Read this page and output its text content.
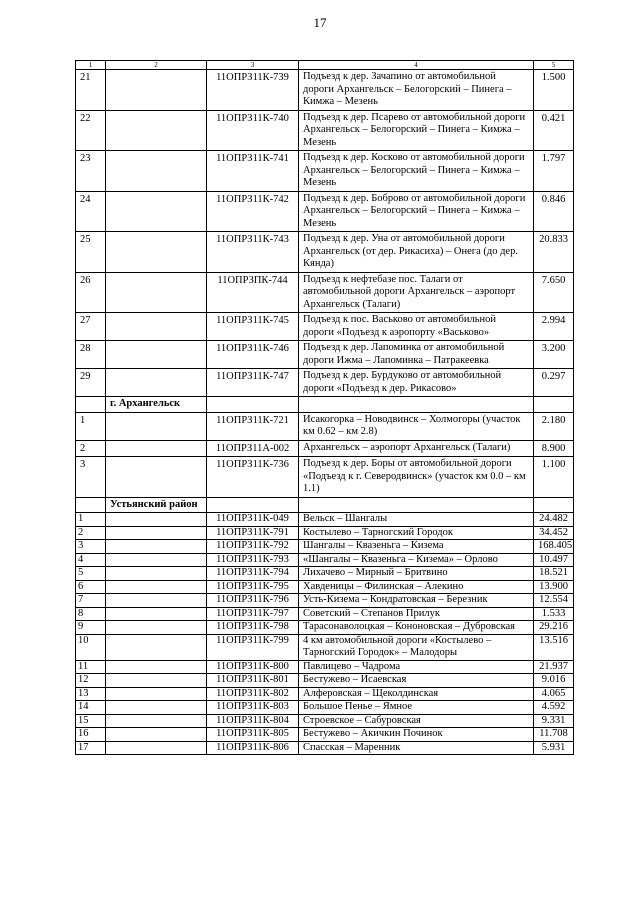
17
1	2	3	4	5
21		11ОПРЗ11К-739	Подъезд к дер. Зачапино от автомобильной дороги Архангельск – Белогорский – Пинега – Кимжа – Мезень	1.500
22		11ОПРЗ11К-740	Подъезд к дер. Псарево от автомобильной дороги Архангельск – Белогорский – Пинега – Кимжа – Мезень	0.421
23		11ОПРЗ11К-741	Подъезд к дер. Косково от автомобильной дороги Архангельск – Белогорский – Пинега – Кимжа – Мезень	1.797
24		11ОПРЗ11К-742	Подъезд к дер. Боброво от автомобильной дороги Архангельск – Белогорский – Пинега – Кимжа – Мезень	0.846
25		11ОПРЗ11К-743	Подъезд к дер. Уна от автомобильной дороги Архангельск (от дер. Рикасиха) – Онега (до дер. Кянда)	20.833
26		11ОПРЗПК-744	Подъезд к нефтебазе пос. Талаги от автомобильной дороги Архангельск – аэропорт Архангельск (Талаги)	7.650
27		11ОПРЗ11К-745	Подъезд к пос. Васьково от автомобильной дороги «Подъезд к аэропорту «Васьково»	2.994
28		11ОПРЗ11К-746	Подъезд к дер. Лапоминка от автомобильной дороги Ижма – Лапоминка – Патракеевка	3.200
29		11ОПРЗ11К-747	Подъезд к дер. Бурдуково от автомобильной дороги «Подъезд к дер. Рикасово»	0.297
	г. Архангельск			
1		11ОПРЗ11К-721	Исакогорка – Новодвинск – Холмогоры (участок км 0.62 – км 2.8)	2.180
2		11ОПРЗ11А-002	Архангельск – аэропорт Архангельск (Талаги)	8.900
3		11ОПРЗ11К-736	Подъезд к дер. Боры от автомобильной дороги «Подъезд к г. Северодвинск» (участок км 0.0 – км 1.1)	1.100
	Устьянский район			
1		11ОПРЗ11К-049	Вельск – Шангалы	24.482
2		11ОПРЗ11К-791	Костылево – Тарногский Городок	34.452
3		11ОПРЗ11К-792	Шангалы – Квазеньга – Кизема	168.405
4		11ОПРЗ11К-793	«Шангалы – Квазеньга – Кизема» – Орлово	10.497
5		11ОПРЗ11К-794	Лихачево – Мирный – Бритвино	18.521
6		11ОПРЗ11К-795	Хавденицы – Филинская – Алекино	13.900
7		11ОПРЗ11К-796	Усть-Кизема – Кондратовская – Березник	12.554
8		11ОПРЗ11К-797	Советский – Степанов Прилук	1.533
9		11ОПРЗ11К-798	Тарасонаволоцкая – Кононовская – Дубровская	29.216
10		11ОПРЗ11К-799	4 км автомобильной дороги «Костылево – Тарногский Городок» – Малодоры	13.516
11		11ОПРЗ11К-800	Павлицево – Чадрома	21.937
12		11ОПРЗ11К-801	Бестужево – Исаевская	9.016
13		11ОПРЗ11К-802	Алферовская – Щеколдинская	4.065
14		11ОПРЗ11К-803	Большое Пенье – Ямное	4.592
15		11ОПРЗ11К-804	Строевское – Сабуровская	9.331
16		11ОПРЗ11К-805	Бестужево – Акичкин Починок	11.708
17		11ОПРЗ11К-806	Спасская – Маренник	5.931
